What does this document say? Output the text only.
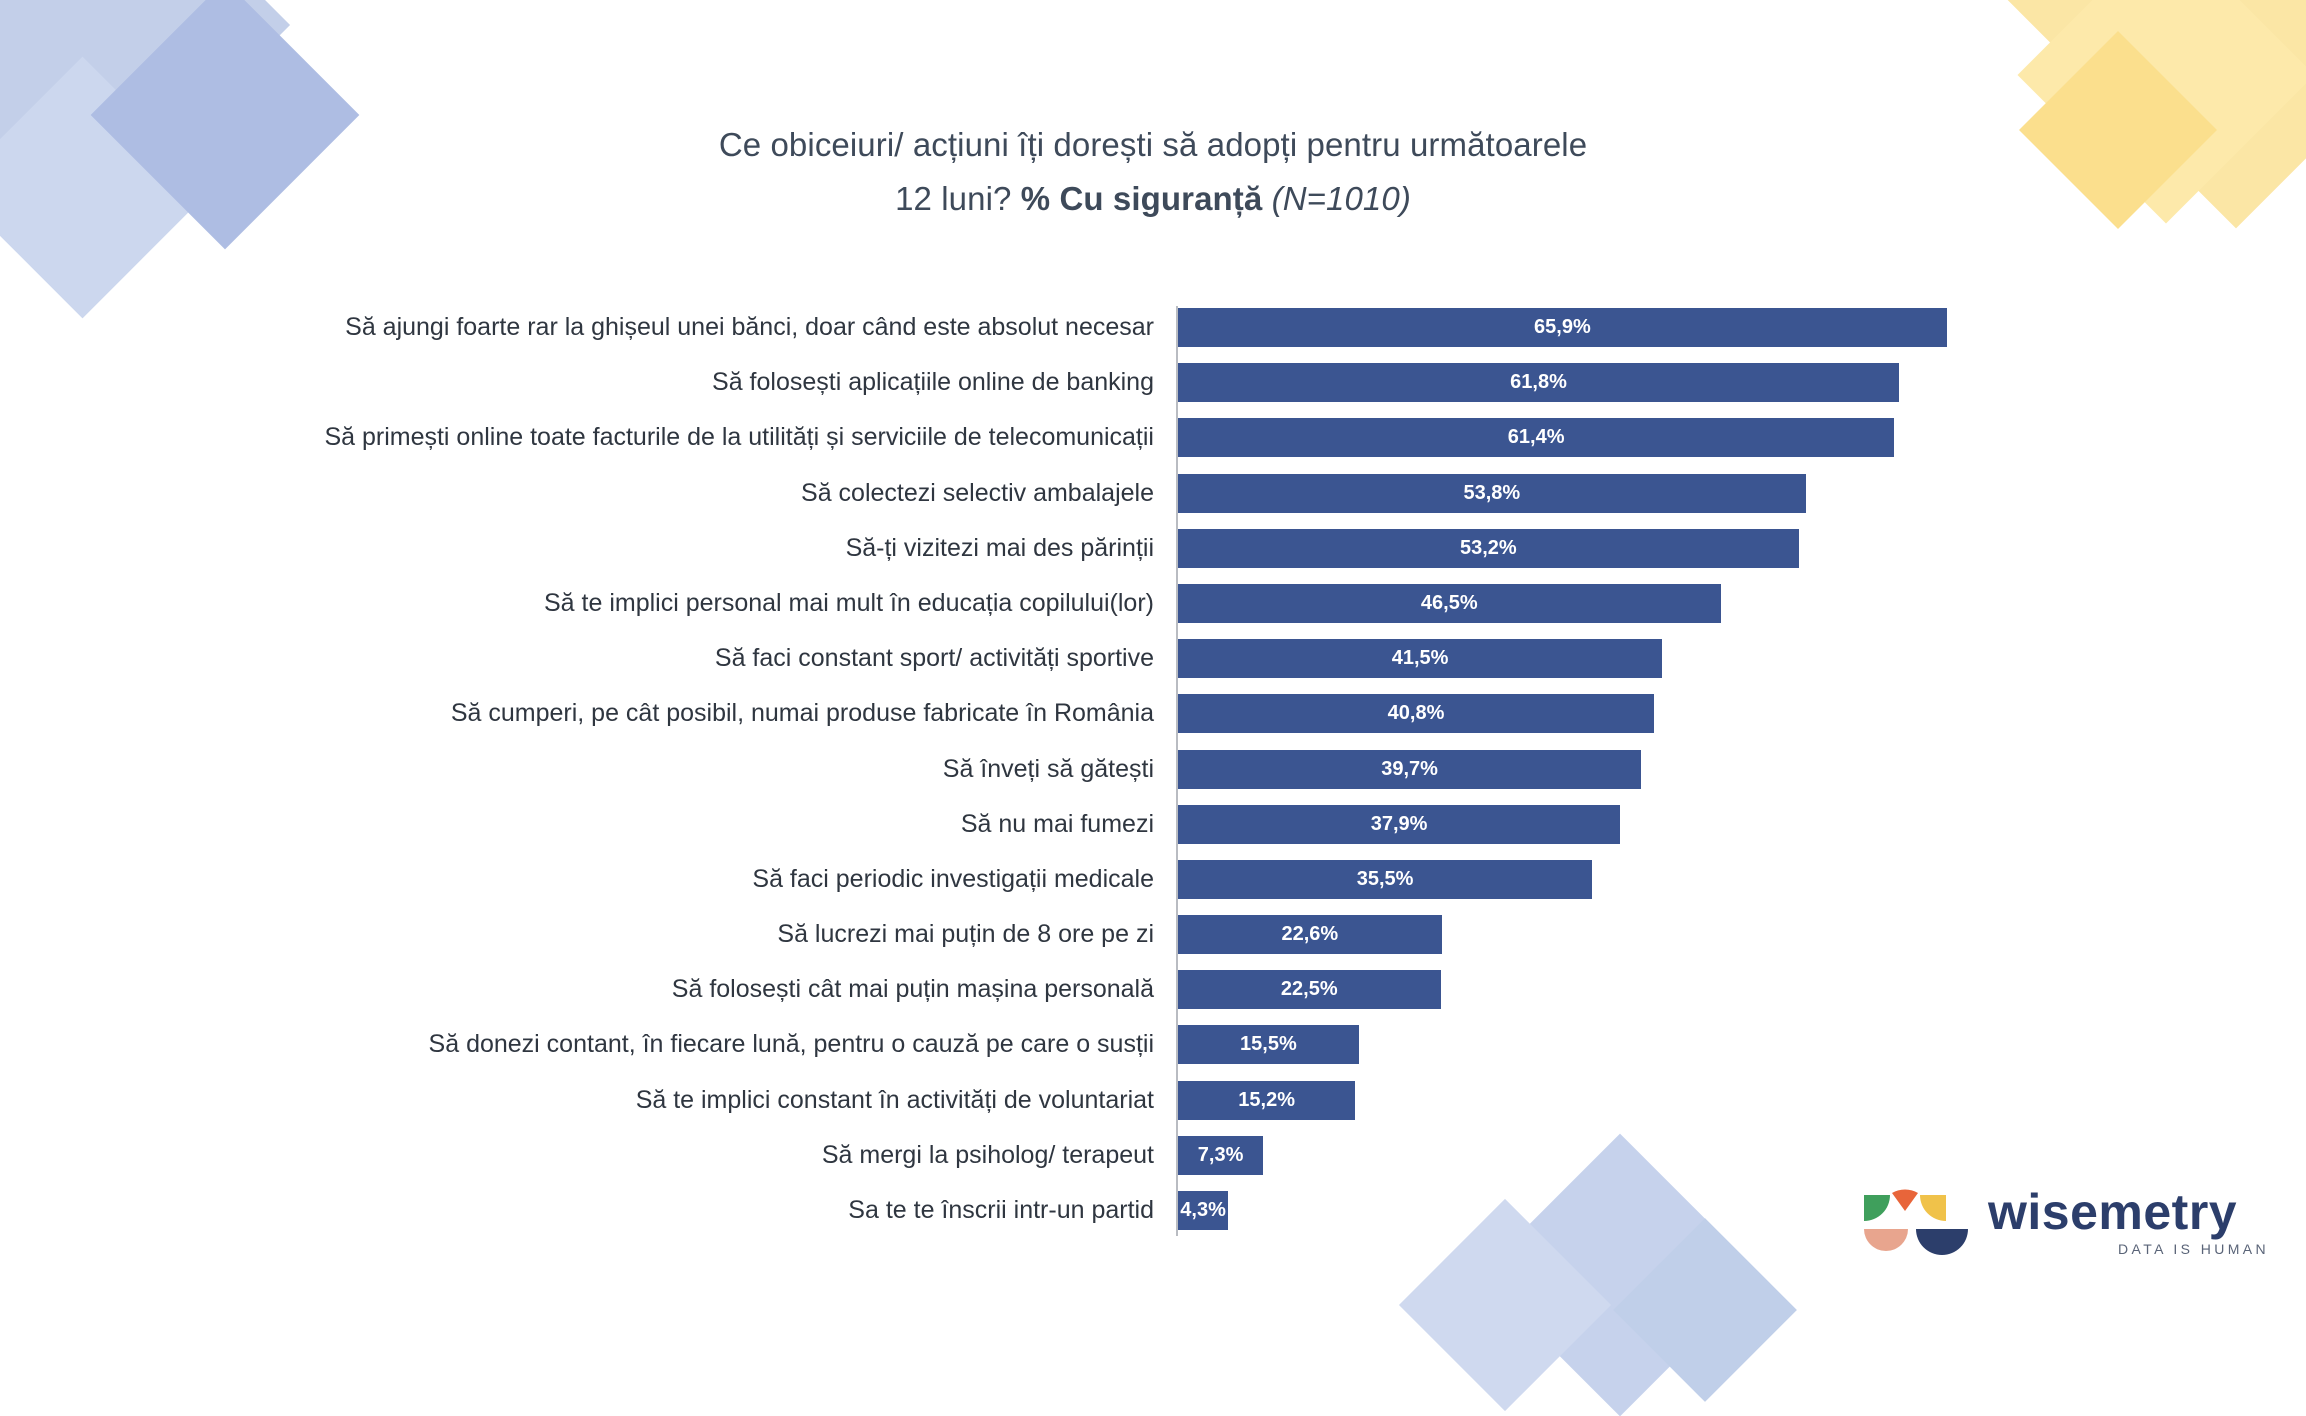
Ce obiceiuri/ acțiuni îți dorești să adopți pentru următoarele
12 luni? % Cu siguranță (N=1010)
Să ajungi foarte rar la ghișeul unei bănci, doar când este absolut necesar	65,9%
Să folosești aplicațiile online de banking	61,8%
Să primești online toate facturile de la utilități și serviciile de telecomunicații	61,4%
Să colectezi selectiv ambalajele	53,8%
Să-ți vizitezi mai des părinții	53,2%
Să te implici personal mai mult în educația copilului(lor)	46,5%
Să faci constant sport/ activități sportive	41,5%
Să cumperi, pe cât posibil, numai produse fabricate în România	40,8%
Să înveți să gătești	39,7%
Să nu mai fumezi	37,9%
Să faci periodic investigații medicale	35,5%
Să lucrezi mai puțin de 8 ore pe zi	22,6%
Să folosești cât mai puțin mașina personală	22,5%
Să donezi contant, în fiecare lună, pentru o cauză pe care o susții	15,5%
Să te implici constant în activități de voluntariat	15,2%
Să mergi la psiholog/ terapeut	7,3%
Sa te te înscrii intr-un partid 4,3%	wisemetry
DATA IS HUMAN
